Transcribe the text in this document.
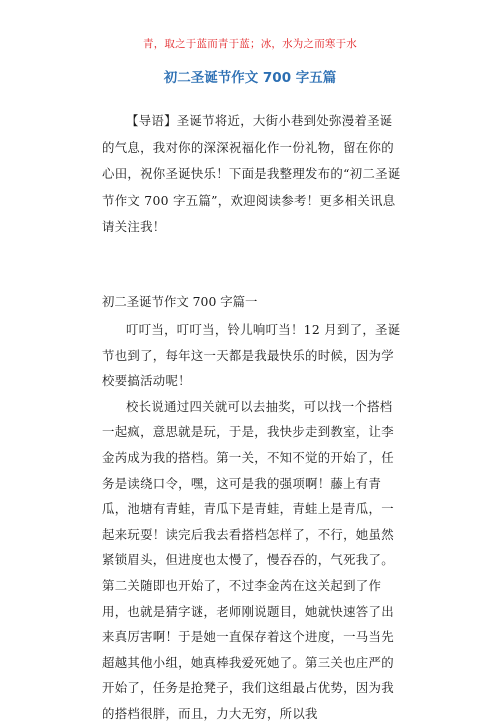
青，取之于蓝而青于蓝；冰，水为之而寒于水
初二圣诞节作文 700 字五篇

【导语】圣诞节将近，大街小巷到处弥漫着圣诞的气息，我对你的深深祝福化作一份礼物，留在你的心田，祝你圣诞快乐！下面是我整理发布的“初二圣诞节作文 700 字五篇”，欢迎阅读参考！更多相关讯息请关注我！

初二圣诞节作文 700 字篇一

叮叮当，叮叮当，铃儿响叮当！12 月到了，圣诞节也到了，每年这一天都是我最快乐的时候，因为学校要搞活动呢！

校长说通过四关就可以去抽奖，可以找一个搭档一起疯，意思就是玩，于是，我快步走到教室，让李金芮成为我的搭档。第一关，不知不觉的开始了，任务是读绕口令，嘿，这可是我的强项啊！藤上有青瓜，池塘有青蛙，青瓜下是青蛙，青蛙上是青瓜，一起来玩耍！读完后我去看搭档怎样了，不行，她虽然紧锁眉头，但进度也太慢了，慢吞吞的，气死我了。第二关随即也开始了，不过李金芮在这关起到了作用，也就是猜字谜，老师刚说题目，她就快速答了出来真厉害啊！于是她一直保存着这个进度，一马当先超越其他小组，她真棒我爱死她了。第三关也庄严的开始了，任务是抢凳子，我们这组最占优势，因为我的搭档很胖，而且，力大无穷，所以我
